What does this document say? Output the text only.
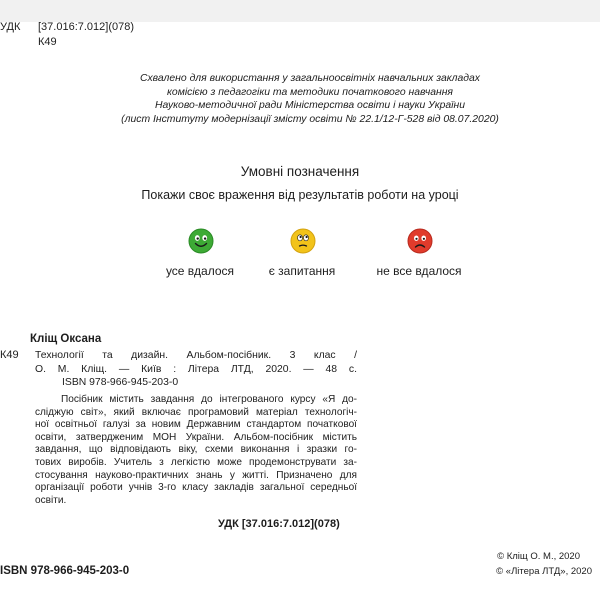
УДК [37.016:7.012](078)
К49
Схвалено для використання у загальноосвітніх навчальних закладах
комісією з педагогіки та методики початкового навчання
Науково-методичної ради Міністерства освіти і науки України
(лист Інституту модернізації змісту освіти № 22.1/12-Г-528 від 08.07.2020)
Умовні позначення
Покажи своє враження від результатів роботи на уроці
усе вдалося	є запитання	не все вдалося
Кліщ Оксана
К49 Технології та дизайн. Альбом-посібник. 3 клас /
О. М. Кліщ. — Київ : Літера ЛТД, 2020. — 48 с.
ISBN 978-966-945-203-0
Посібник містить завдання до інтегрованого курсу «Я до-
сліджую світ», який включає програмовий матеріал технологіч-
ної освітньої галузі за новим Державним стандартом початкової
освіти, затвердженим МОН України. Альбом-посібник містить
завдання, що відповідають віку, схеми виконання і зразки го-
тових виробів. Учитель з легкістю може продемонструвати за-
стосування науково-практичних знань у житті. Призначено для
організації роботи учнів 3-го класу закладів загальної середньої
освіти.
УДК [37.016:7.012](078)
ISBN 978-966-945-203-0
© Кліщ О. М., 2020
© «Літера ЛТД», 2020
